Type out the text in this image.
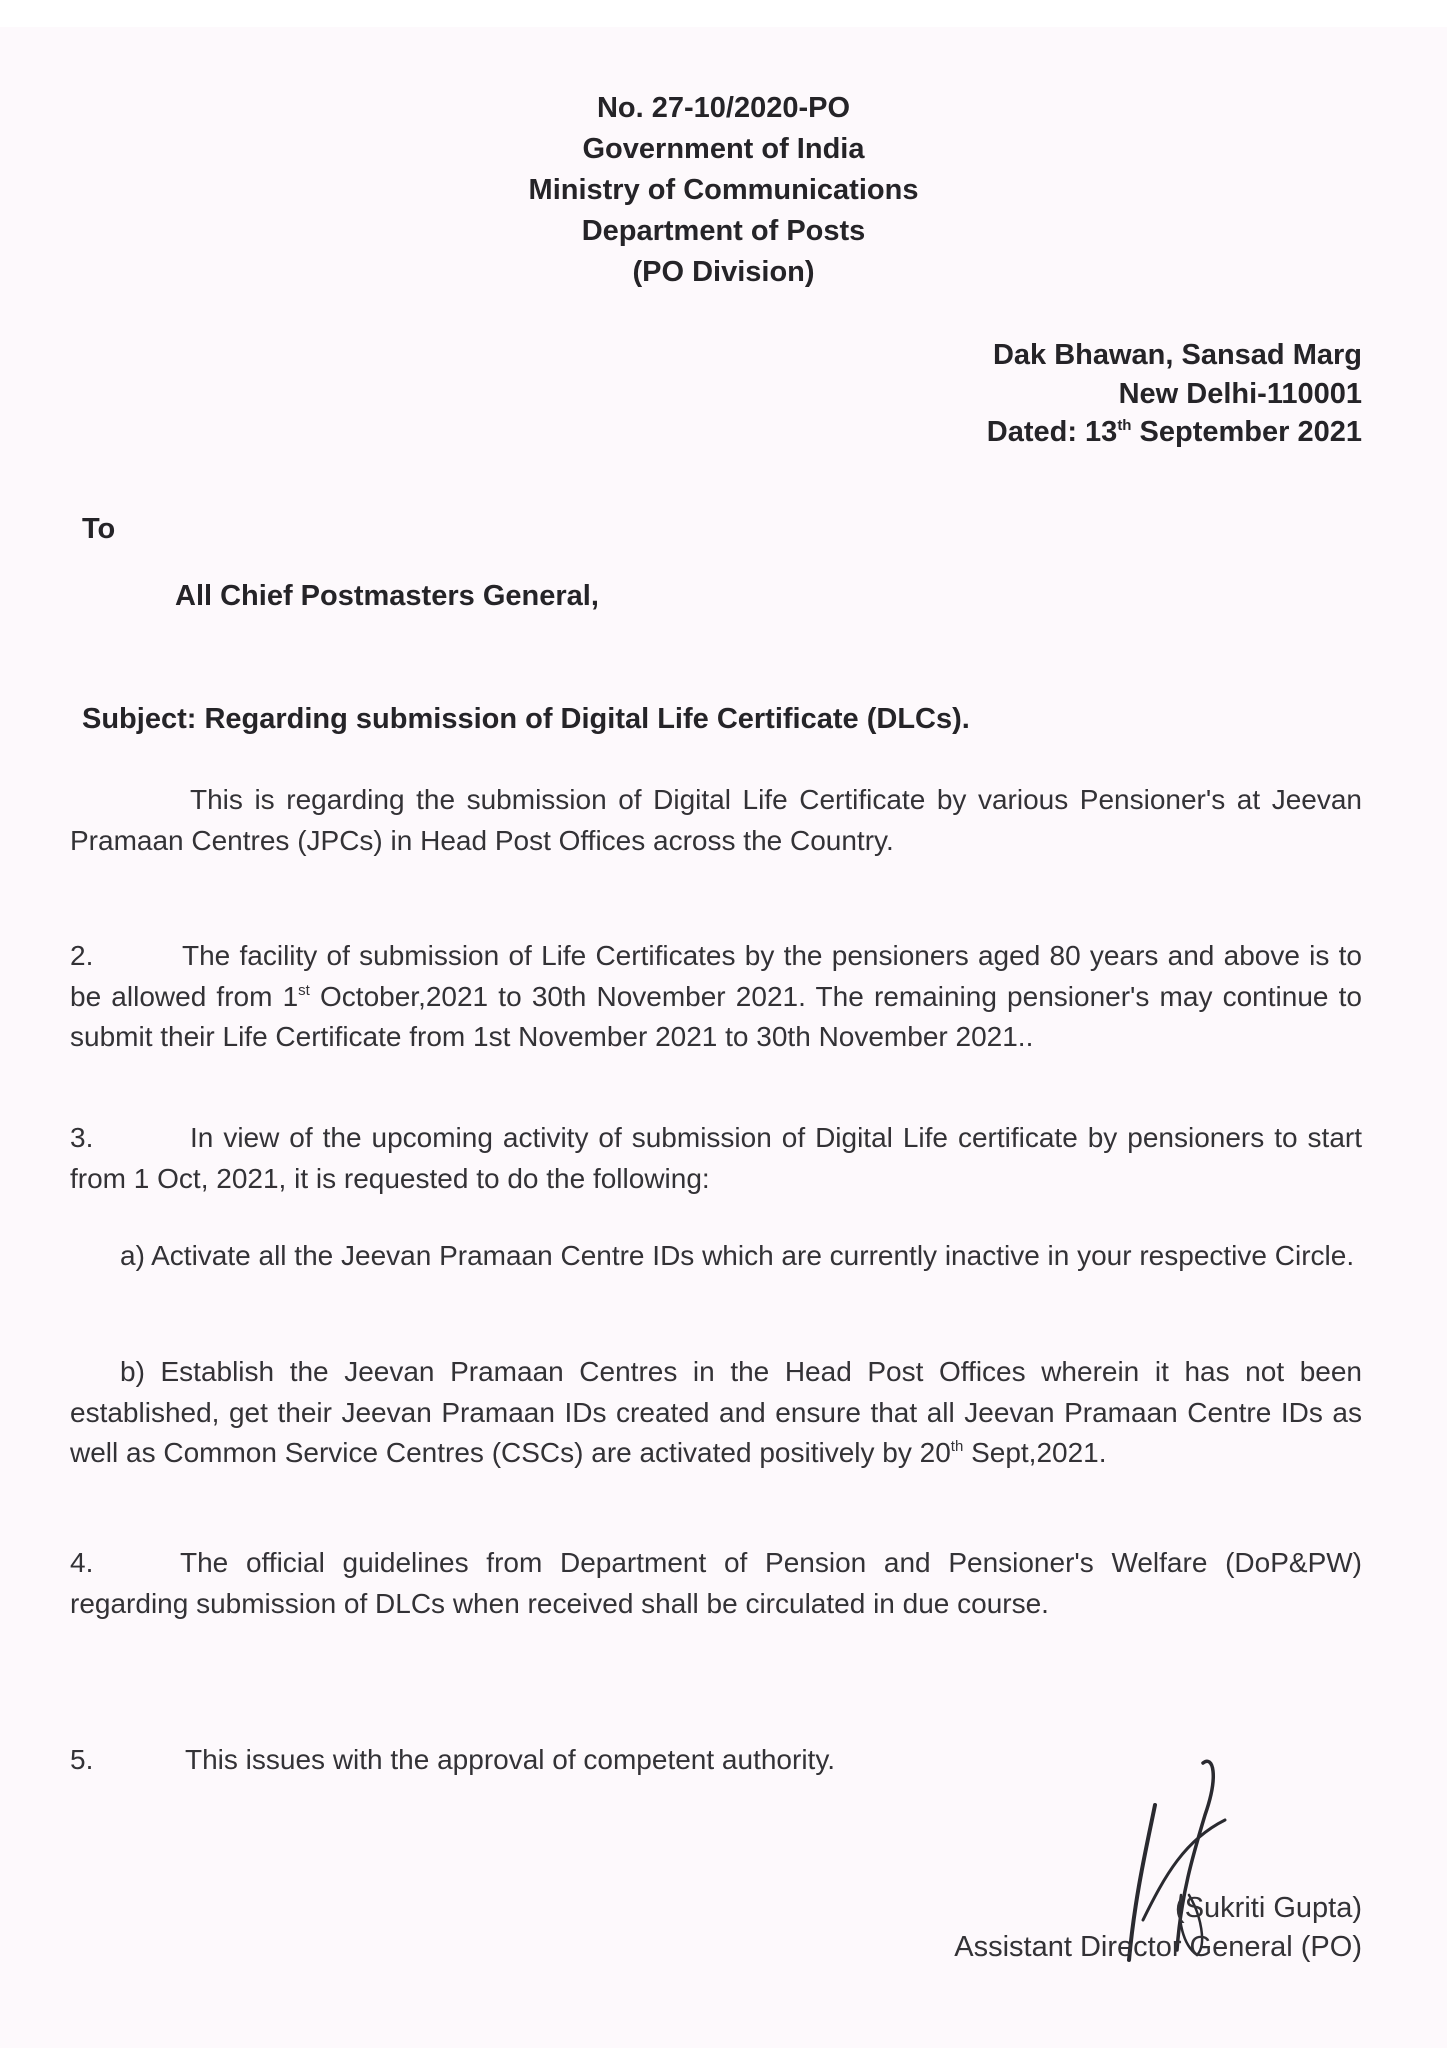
No. 27-10/2020-PO
Government of India
Ministry of Communications
Department of Posts
(PO Division)
Dak Bhawan, Sansad Marg
New Delhi-110001
Dated: 13th September 2021
To
All Chief Postmasters General,
Subject: Regarding submission of Digital Life Certificate (DLCs).
This is regarding the submission of Digital Life Certificate by various Pensioner's at Jeevan Pramaan Centres (JPCs) in Head Post Offices across the Country.
2.	The facility of submission of Life Certificates by the pensioners aged 80 years and above is to be allowed from 1st October,2021 to 30th November 2021. The remaining pensioner's may continue to submit their Life Certificate from 1st November 2021 to 30th November 2021..
3.	In view of the upcoming activity of submission of Digital Life certificate by pensioners to start from 1 Oct, 2021, it is requested to do the following:
a) Activate all the Jeevan Pramaan Centre IDs which are currently inactive in your respective Circle.
b) Establish the Jeevan Pramaan Centres in the Head Post Offices wherein it has not been established, get their Jeevan Pramaan IDs created and ensure that all Jeevan Pramaan Centre IDs as well as Common Service Centres (CSCs) are activated positively by 20th Sept,2021.
4.	The official guidelines from Department of Pension and Pensioner's Welfare (DoP&PW) regarding submission of DLCs when received shall be circulated in due course.
5.	This issues with the approval of competent authority.
(Sukriti Gupta)
Assistant Director General (PO)
